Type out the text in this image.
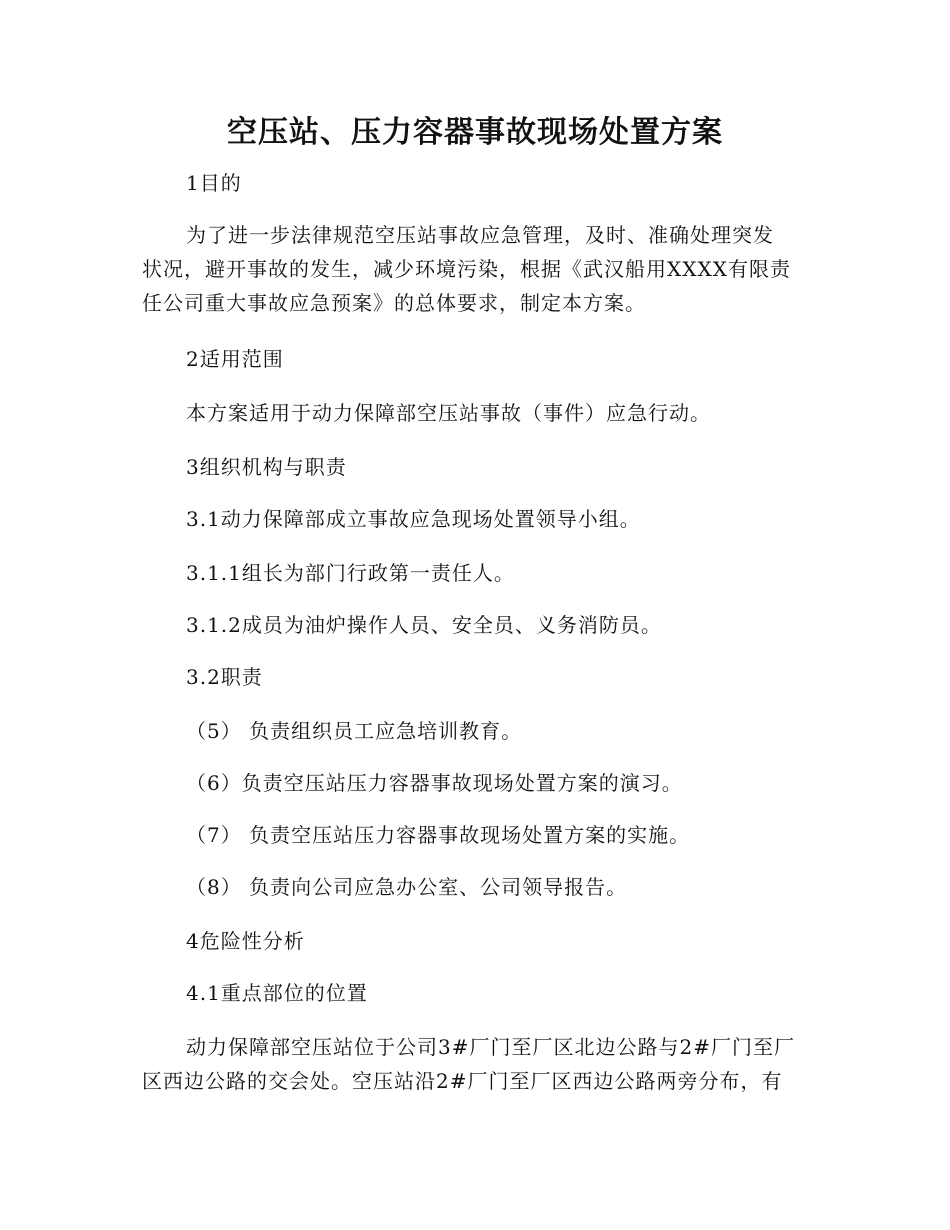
空压站、压力容器事故现场处置方案

1目的

为了进一步法律规范空压站事故应急管理，及时、准确处理突发
状况，避开事故的发生，减少环境污染，根据《武汉船用XXXX有限责
任公司重大事故应急预案》的总体要求，制定本方案。

2适用范围

本方案适用于动力保障部空压站事故（事件）应急行动。

3组织机构与职责

3.1动力保障部成立事故应急现场处置领导小组。

3.1.1组长为部门行政第一责任人。

3.1.2成员为油炉操作人员、安全员、义务消防员。

3.2职责

（5） 负责组织员工应急培训教育。

（6）负责空压站压力容器事故现场处置方案的演习。

（7） 负责空压站压力容器事故现场处置方案的实施。

（8） 负责向公司应急办公室、公司领导报告。

4危险性分析

4.1重点部位的位置

动力保障部空压站位于公司3#厂门至厂区北边公路与2#厂门至厂
区西边公路的交会处。空压站沿2#厂门至厂区西边公路两旁分布，有
